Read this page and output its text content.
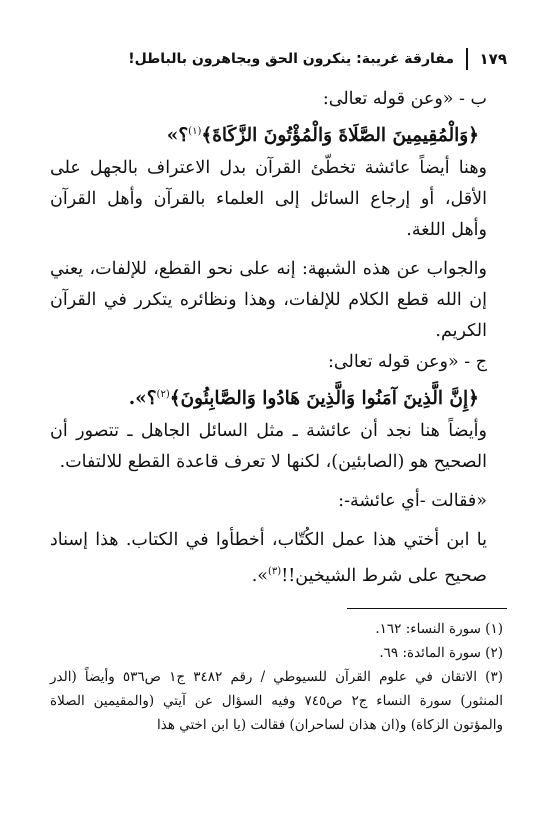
١٧٩
مفارقة غريبة: ينكرون الحق ويجاهرون بالباطل!

ب - «وعن قوله تعالى:

﴿وَالْمُقِيمِينَ الصَّلَاةَ وَالْمُؤْتُونَ الزَّكَاةَ﴾$^{(١)}$؟»

وهنا أيضاً عائشة تخطّئ القرآن بدل الاعتراف بالجهل على الأقل، أو إرجاع السائل إلى العلماء بالقرآن وأهل القرآن وأهل اللغة.

والجواب عن هذه الشبهة: إنه على نحو القطع، للإلفات، يعني إن الله قطع الكلام للإلفات، وهذا ونظائره يتكرر في القرآن الكريم.

ج - «وعن قوله تعالى:

﴿إِنَّ الَّذِينَ آمَنُوا وَالَّذِينَ هَادُوا وَالصَّابِئُونَ﴾$^{(٢)}$؟».

وأيضاً هنا نجد أن عائشة ـ مثل السائل الجاهل ـ تتصور أن الصحيح هو (الصابئين)، لكنها لا تعرف قاعدة القطع للالتفات.

«فقالت -أي عائشة-:

يا ابن أختي هذا عمل الكُتّاب، أخطأوا في الكتاب. هذا إسناد صحيح على شرط الشيخين!!$^{(٣)}$».

(١) سورة النساء: ١٦٢.

(٢) سورة المائدة: ٦٩.

(٣) الاتقان في علوم القرآن للسيوطي / رقم ٣٤٨٢ ج١ ص٥٣٦ وأيضاً (الدر المنثور) سورة النساء ج٢ ص٧٤٥ وفيه السؤال عن آيتي (والمقيمين الصلاة والمؤتون الزكاة) و(ان هذان لساحران) فقالت (يا ابن اختي هذا
